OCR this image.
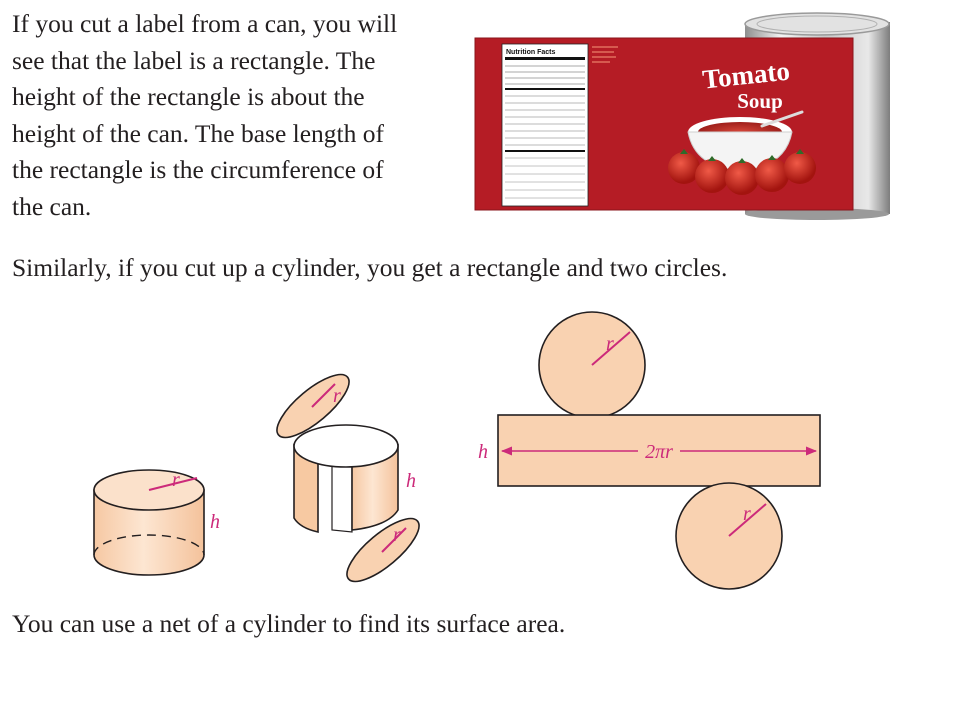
If you cut a label from a can, you will
see that the label is a rectangle. The
height of the rectangle is about the
height of the can. The base length of
the rectangle is the circumference of
the can.

Nutrition Facts
Tomato
Soup

Similarly, if you cut up a cylinder, you get a rectangle and two circles.

r
h
r
h
r
r
2πr
h
r

You can use a net of a cylinder to find its surface area.
